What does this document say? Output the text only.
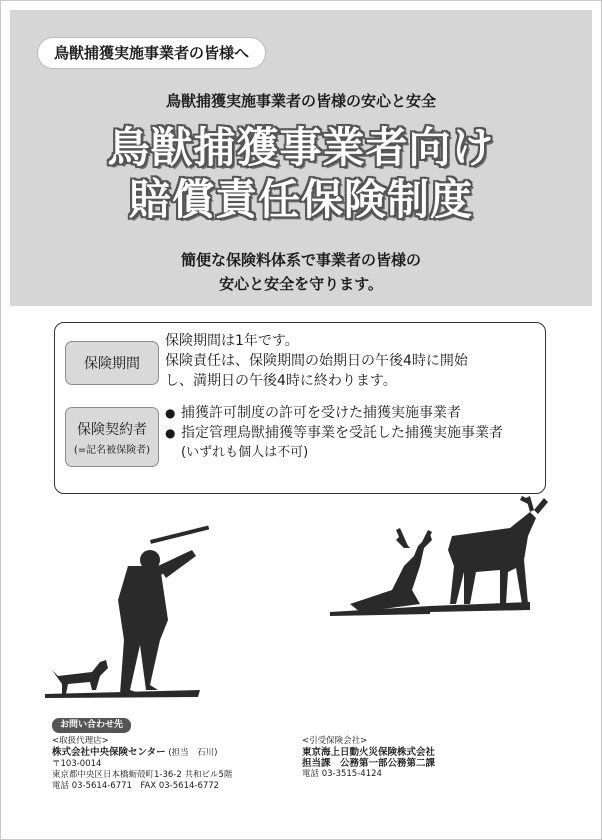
鳥獣捕獲実施事業者の皆様へ
鳥獣捕獲実施事業者の皆様の安心と安全
鳥獣捕獲事業者向け
賠償責任保険制度
簡便な保険料体系で事業者の皆様の
安心と安全を守ります。
保険期間
保険期間は1年です。
保険責任は、保険期間の始期日の午後4時に開始
し、満期日の午後4時に終わります。
保険契約者
(=記名被保険者)
● 捕獲許可制度の許可を受けた捕獲実施事業者
● 指定管理鳥獣捕獲等事業を受託した捕獲実施事業者
(いずれも個人は不可)
お問い合わせ先
<取扱代理店>
株式会社中央保険センター (担当　石川)
〒103-0014
東京都中央区日本橋蛎殻町1-36-2 共和ビル5階
電話 03-5614-6771　FAX 03-5614-6772
<引受保険会社>
東京海上日動火災保険株式会社
担当課　公務第一部公務第二課
電話 03-3515-4124
